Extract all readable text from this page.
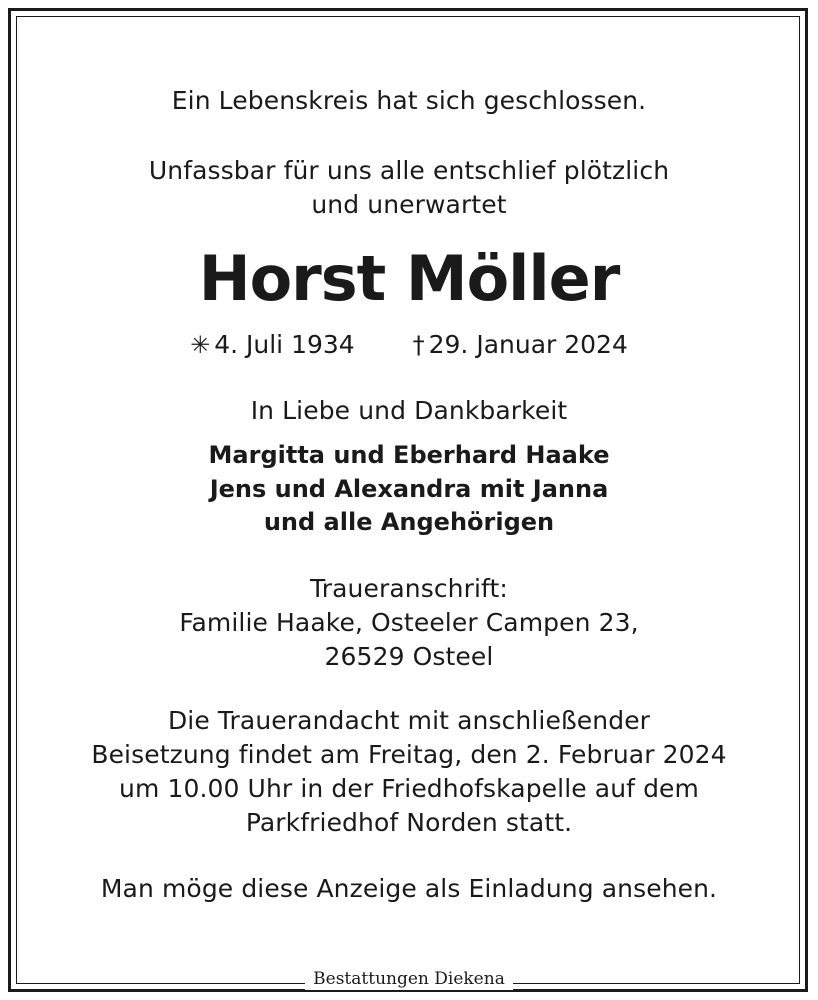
Ein Lebenskreis hat sich geschlossen.
Unfassbar für uns alle entschlief plötzlich
und unerwartet
Horst Möller
✳ 4. Juli 1934 † 29. Januar 2024
In Liebe und Dankbarkeit
Margitta und Eberhard Haake
Jens und Alexandra mit Janna
und alle Angehörigen
Traueranschrift:
Familie Haake, Osteeler Campen 23,
26529 Osteel
Die Trauerandacht mit anschließender
Beisetzung findet am Freitag, den 2. Februar 2024
um 10.00 Uhr in der Friedhofskapelle auf dem
Parkfriedhof Norden statt.
Man möge diese Anzeige als Einladung ansehen.
Bestattungen Diekena
